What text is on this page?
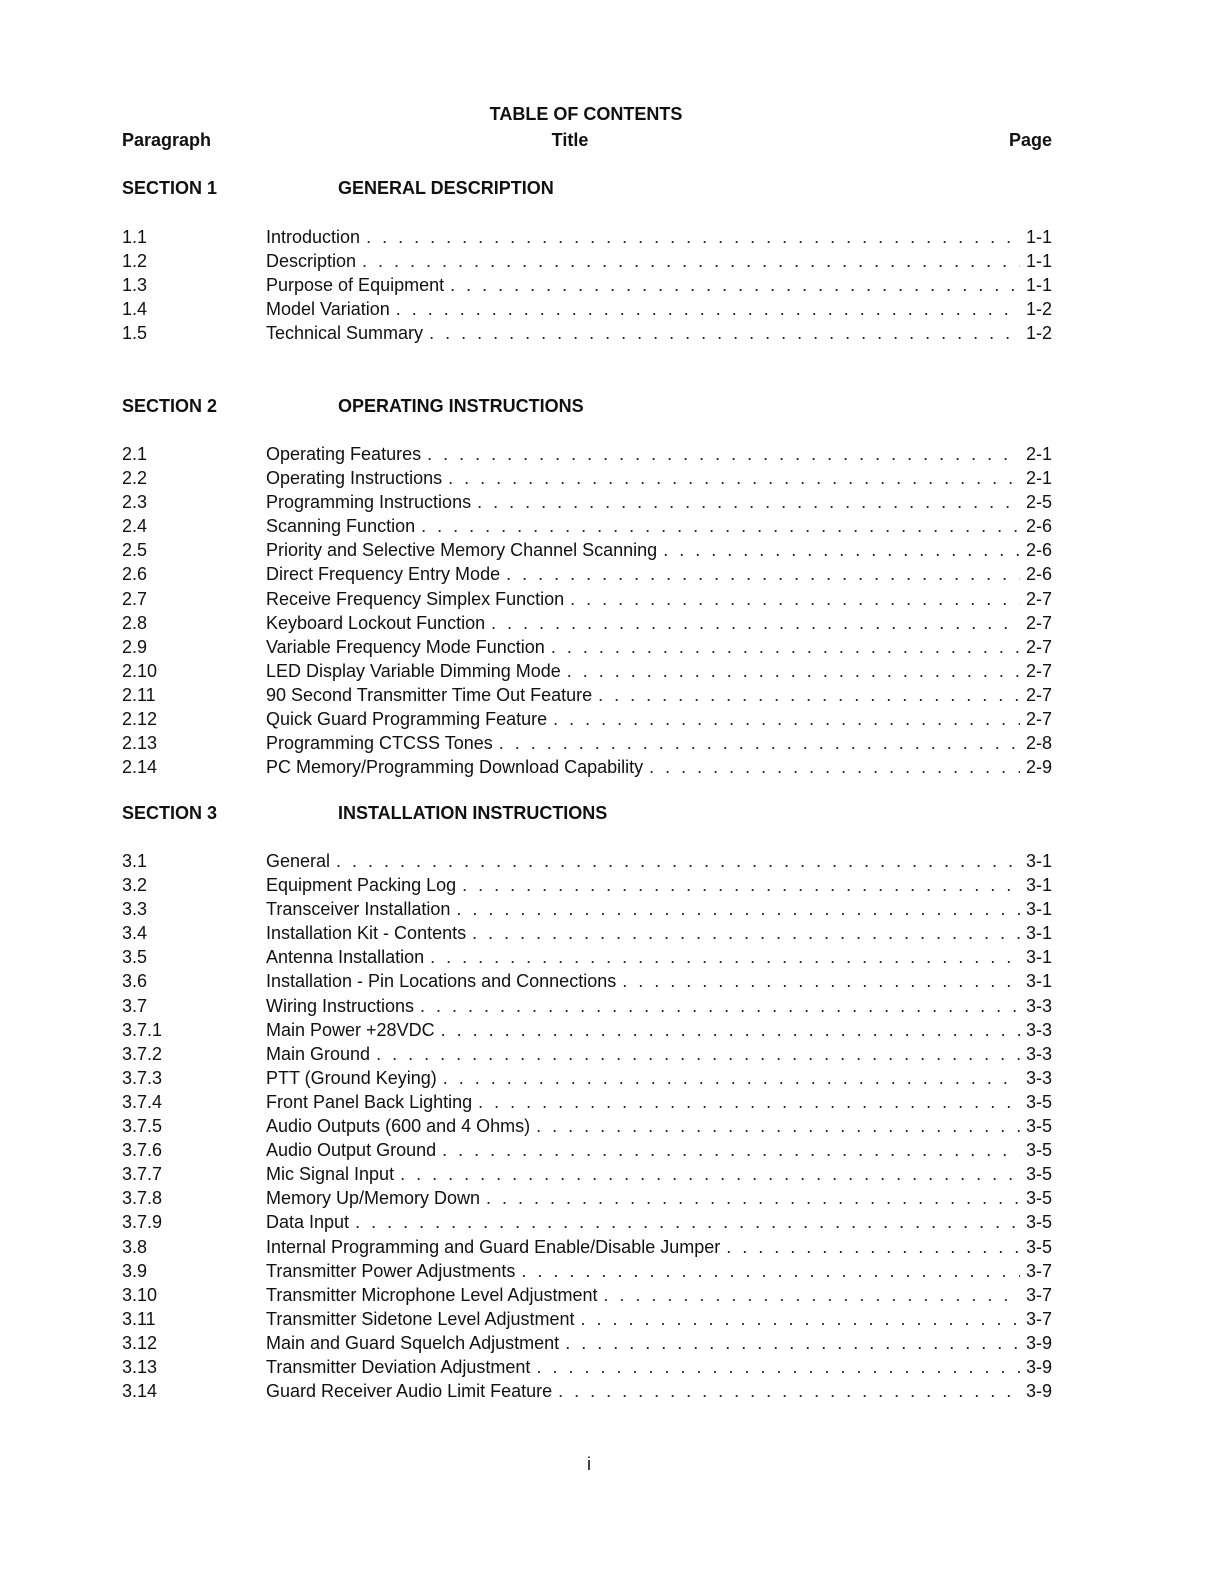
TABLE OF CONTENTS
Paragraph	Title	Page
SECTION 1	GENERAL DESCRIPTION
1.1	Introduction . . .	1-1
1.2	Description . . .	1-1
1.3	Purpose of Equipment . . .	1-1
1.4	Model Variation . . .	1-2
1.5	Technical Summary . . .	1-2
SECTION 2	OPERATING INSTRUCTIONS
2.1	Operating Features . . .	2-1
2.2	Operating Instructions . . .	2-1
2.3	Programming Instructions . . .	2-5
2.4	Scanning Function . . .	2-6
2.5	Priority and Selective Memory Channel Scanning . . .	2-6
2.6	Direct Frequency Entry Mode . . .	2-6
2.7	Receive Frequency Simplex Function . . .	2-7
2.8	Keyboard Lockout Function . . .	2-7
2.9	Variable Frequency Mode Function . . .	2-7
2.10	LED Display Variable Dimming Mode . . .	2-7
2.11	90 Second Transmitter Time Out Feature . . .	2-7
2.12	Quick Guard Programming Feature . . .	2-7
2.13	Programming CTCSS Tones . . .	2-8
2.14	PC Memory/Programming Download Capability . . .	2-9
SECTION 3	INSTALLATION INSTRUCTIONS
3.1	General . . .	3-1
3.2	Equipment Packing Log . . .	3-1
3.3	Transceiver Installation . . .	3-1
3.4	Installation Kit - Contents . . .	3-1
3.5	Antenna Installation . . .	3-1
3.6	Installation - Pin Locations and Connections . . .	3-1
3.7	Wiring Instructions . . .	3-3
3.7.1	Main Power +28VDC . . .	3-3
3.7.2	Main Ground . . .	3-3
3.7.3	PTT (Ground Keying) . . .	3-3
3.7.4	Front Panel Back Lighting . . .	3-5
3.7.5	Audio Outputs (600 and 4 Ohms) . . .	3-5
3.7.6	Audio Output Ground . . .	3-5
3.7.7	Mic Signal Input . . .	3-5
3.7.8	Memory Up/Memory Down . . .	3-5
3.7.9	Data Input . . .	3-5
3.8	Internal Programming and Guard Enable/Disable Jumper . . .	3-5
3.9	Transmitter Power Adjustments . . .	3-7
3.10	Transmitter Microphone Level Adjustment . . .	3-7
3.11	Transmitter Sidetone Level Adjustment . . .	3-7
3.12	Main and Guard Squelch Adjustment . . .	3-9
3.13	Transmitter Deviation Adjustment . . .	3-9
3.14	Guard Receiver Audio Limit Feature . . .	3-9
i
